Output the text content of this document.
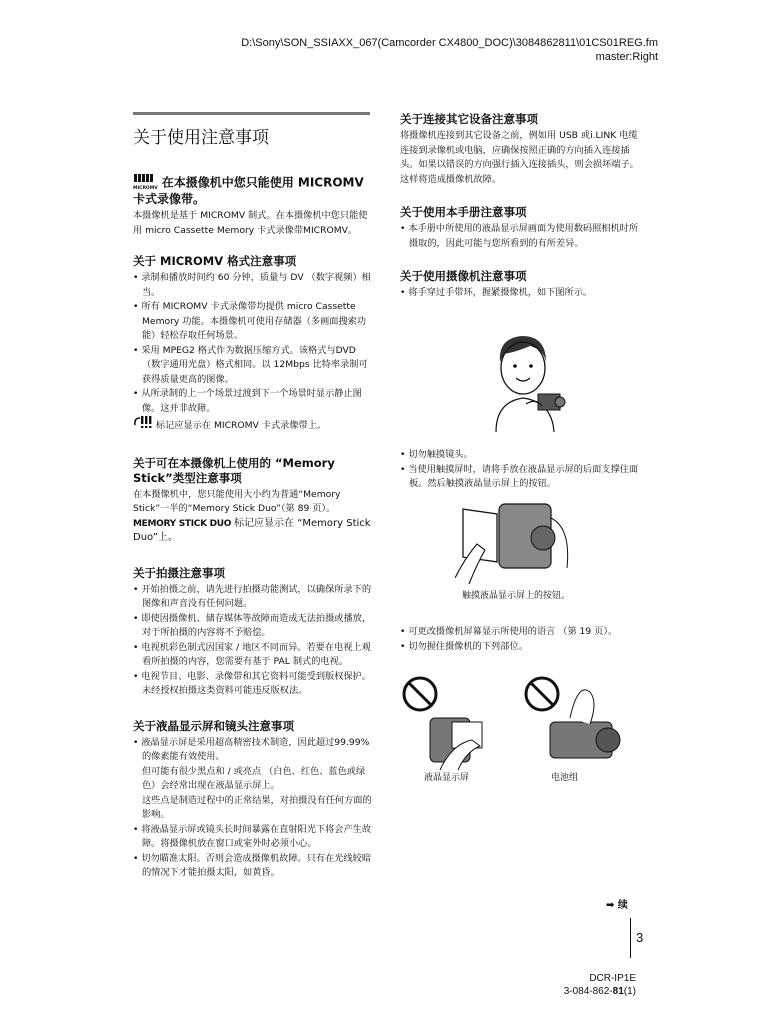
D:\Sony\SON_SSIAXX_067(Camcorder CX4800_DOC)\3084862811\01CS01REG.fm
master:Right
关于使用注意事项

MICROMV 在本摄像机中您只能使用 MICROMV 卡式录像带。

本摄像机是基于 MICROMV 制式。在本摄像机中您只能使用 micro Cassette Memory 卡式录像带MICROMV。

关于 MICROMV 格式注意事项
• 录制和播放时间约 60 分钟，质量与 DV （数字视频）相当。
• 所有 MICROMV 卡式录像带均提供 micro Cassette Memory 功能。本摄像机可使用存储器（多画面搜索功能）轻松存取任何场景。
• 采用 MPEG2 格式作为数据压缩方式。该格式与DVD （数字通用光盘）格式相同。以 12Mbps 比特率录制可获得质量更高的图像。
• 从所录制的上一个场景过渡到下一个场景时显示静止图像。这并非故障。

标记应显示在 MICROMV 卡式录像带上。

关于可在本摄像机上使用的 “Memory Stick”类型注意事项

在本摄像机中，您只能使用大小约为普通“Memory Stick”一半的“Memory Stick Duo”（第 89 页）。

MEMORY STICK DUO 标记应显示在 “Memory Stick Duo”上。

关于拍摄注意事项
• 开始拍摄之前，请先进行拍摄功能测试，以确保所录下的图像和声音没有任何问题。
• 即使因摄像机、储存媒体等故障而造成无法拍摄或播放，对于所拍摄的内容将不予赔偿。
• 电视机彩色制式因国家 / 地区不同而异。若要在电视上观看所拍摄的内容，您需要有基于 PAL 制式的电视。
• 电视节目、电影、录像带和其它资料可能受到版权保护。未经授权拍摄这类资料可能违反版权法。
关于液晶显示屏和镜头注意事项
• 液晶显示屏是采用超高精密技术制造，因此超过99.99% 的像素能有效使用。

但可能有很少黑点和 / 或亮点 （白色、红色、蓝色或绿色）会经常出现在液晶显示屏上。

这些点是制造过程中的正常结果，对拍摄没有任何方面的影响。

• 将液晶显示屏或镜头长时间暴露在直射阳光下将会产生故障。将摄像机放在窗口或室外时必须小心。
• 切勿瞄准太阳。否则会造成摄像机故障。只有在光线较暗的情况下才能拍摄太阳，如黄昏。
关于连接其它设备注意事项

将摄像机连接到其它设备之前，例如用 USB 或i.LINK 电缆连接到录像机或电脑，应确保按照正确的方向插入连接插头。如果以错误的方向强行插入连接插头，则会损坏端子。这样将造成摄像机故障。

关于使用本手册注意事项
• 本手册中所使用的液晶显示屏画面为使用数码照相机时所摄取的，因此可能与您所看到的有所差异。
关于使用摄像机注意事项
• 将手穿过手带环，握紧摄像机，如下图所示。
• 切勿触摸镜头。
• 当使用触摸屏时，请将手放在液晶显示屏的后面支撑住面板。然后触摸液晶显示屏上的按钮。
触摸液晶显示屏上的按钮。
• 可更改摄像机屏幕显示所使用的语言 （第 19 页）。
• 切勿握住摄像机的下列部位。
液晶显示屏	电池组
➡ 续
3
DCR-IP1E
3-084-862-81(1)
